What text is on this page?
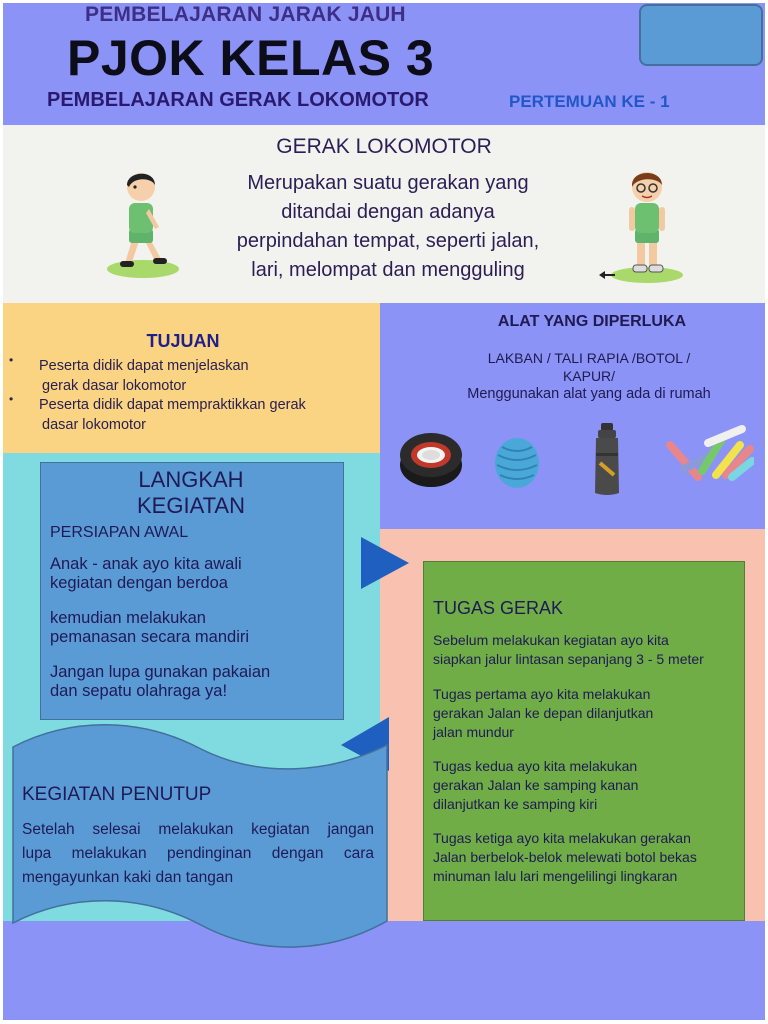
PEMBELAJARAN JARAK JAUH
PJOK KELAS 3
PEMBELAJARAN GERAK LOKOMOTOR	PERTEMUAN KE - 1
GERAK LOKOMOTOR
Merupakan suatu gerakan yang
ditandai dengan adanya
perpindahan tempat, seperti jalan,
lari, melompat dan mengguling
TUJUAN
• Peserta didik dapat menjelaskan
gerak dasar lokomotor
• Peserta didik dapat mempraktikkan gerak
dasar lokomotor
ALAT YANG DIPERLUKA
LAKBAN / TALI RAPIA /BOTOL /
KAPUR/
Menggunakan alat yang ada di rumah
LANGKAH
KEGIATAN
PERSIAPAN AWAL
Anak - anak ayo kita awali
kegiatan dengan berdoa
kemudian melakukan
pemanasan secara mandiri
Jangan lupa gunakan pakaian
dan sepatu olahraga ya!
KEGIATAN PENUTUP
Setelah selesai melakukan kegiatan jangan
lupa melakukan pendinginan dengan cara
mengayunkan kaki dan tangan
TUGAS GERAK
Sebelum melakukan kegiatan ayo kita
siapkan jalur lintasan sepanjang 3 - 5 meter
Tugas pertama ayo kita melakukan
gerakan Jalan ke depan dilanjutkan
jalan mundur
Tugas kedua ayo kita melakukan
gerakan Jalan ke samping kanan
dilanjutkan ke samping kiri
Tugas ketiga ayo kita melakukan gerakan
Jalan berbelok-belok melewati botol bekas
minuman lalu lari mengelilingi lingkaran
